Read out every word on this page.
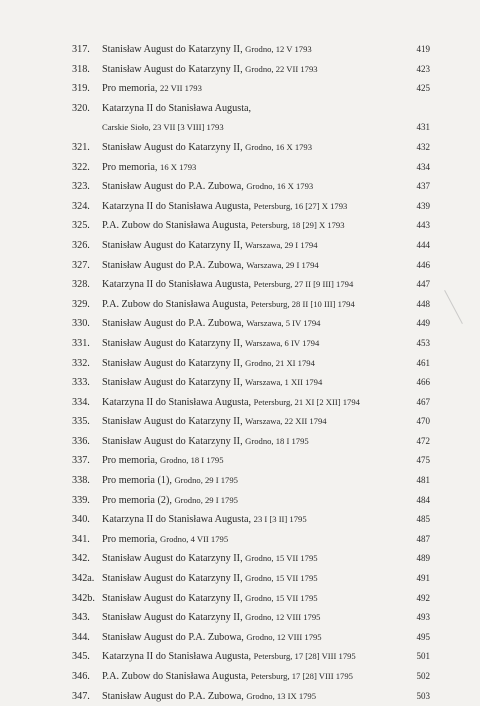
317.	Stanisław August do Katarzyny II, Grodno, 12 V 1793	419
318.	Stanisław August do Katarzyny II, Grodno, 22 VII 1793	423
319.	Pro memoria, 22 VII 1793	425
320.	Katarzyna II do Stanisława Augusta,
Carskie Sioło, 23 VII [3 VIII] 1793	431
321.	Stanisław August do Katarzyny II, Grodno, 16 X 1793	432
322.	Pro memoria, 16 X 1793	434
323.	Stanisław August do P.A. Zubowa, Grodno, 16 X 1793	437
324.	Katarzyna II do Stanisława Augusta, Petersburg, 16 [27] X 1793	439
325.	P.A. Zubow do Stanisława Augusta, Petersburg, 18 [29] X 1793	443
326.	Stanisław August do Katarzyny II, Warszawa, 29 I 1794	444
327.	Stanisław August do P.A. Zubowa, Warszawa, 29 I 1794	446
328.	Katarzyna II do Stanisława Augusta, Petersburg, 27 II [9 III] 1794	447
329.	P.A. Zubow do Stanisława Augusta, Petersburg, 28 II [10 III] 1794	448
330.	Stanisław August do P.A. Zubowa, Warszawa, 5 IV 1794	449
331.	Stanisław August do Katarzyny II, Warszawa, 6 IV 1794	453
332.	Stanisław August do Katarzyny II, Grodno, 21 XI 1794	461
333.	Stanisław August do Katarzyny II, Warszawa, 1 XII 1794	466
334.	Katarzyna II do Stanisława Augusta, Petersburg, 21 XI [2 XII] 1794	467
335.	Stanisław August do Katarzyny II, Warszawa, 22 XII 1794	470
336.	Stanisław August do Katarzyny II, Grodno, 18 I 1795	472
337.	Pro memoria, Grodno, 18 I 1795	475
338.	Pro memoria (1), Grodno, 29 I 1795	481
339.	Pro memoria (2), Grodno, 29 I 1795	484
340.	Katarzyna II do Stanisława Augusta, 23 I [3 II] 1795	485
341.	Pro memoria, Grodno, 4 VII 1795	487
342.	Stanisław August do Katarzyny II, Grodno, 15 VII 1795	489
342a. Stanisław August do Katarzyny II, Grodno, 15 VII 1795	491
342b. Stanisław August do Katarzyny II, Grodno, 15 VII 1795	492
343.	Stanisław August do Katarzyny II, Grodno, 12 VIII 1795	493
344.	Stanisław August do P.A. Zubowa, Grodno, 12 VIII 1795	495
345.	Katarzyna II do Stanisława Augusta, Petersburg, 17 [28] VIII 1795	501
346.	P.A. Zubow do Stanisława Augusta, Petersburg, 17 [28] VIII 1795	502
347.	Stanisław August do P.A. Zubowa, Grodno, 13 IX 1795	503
